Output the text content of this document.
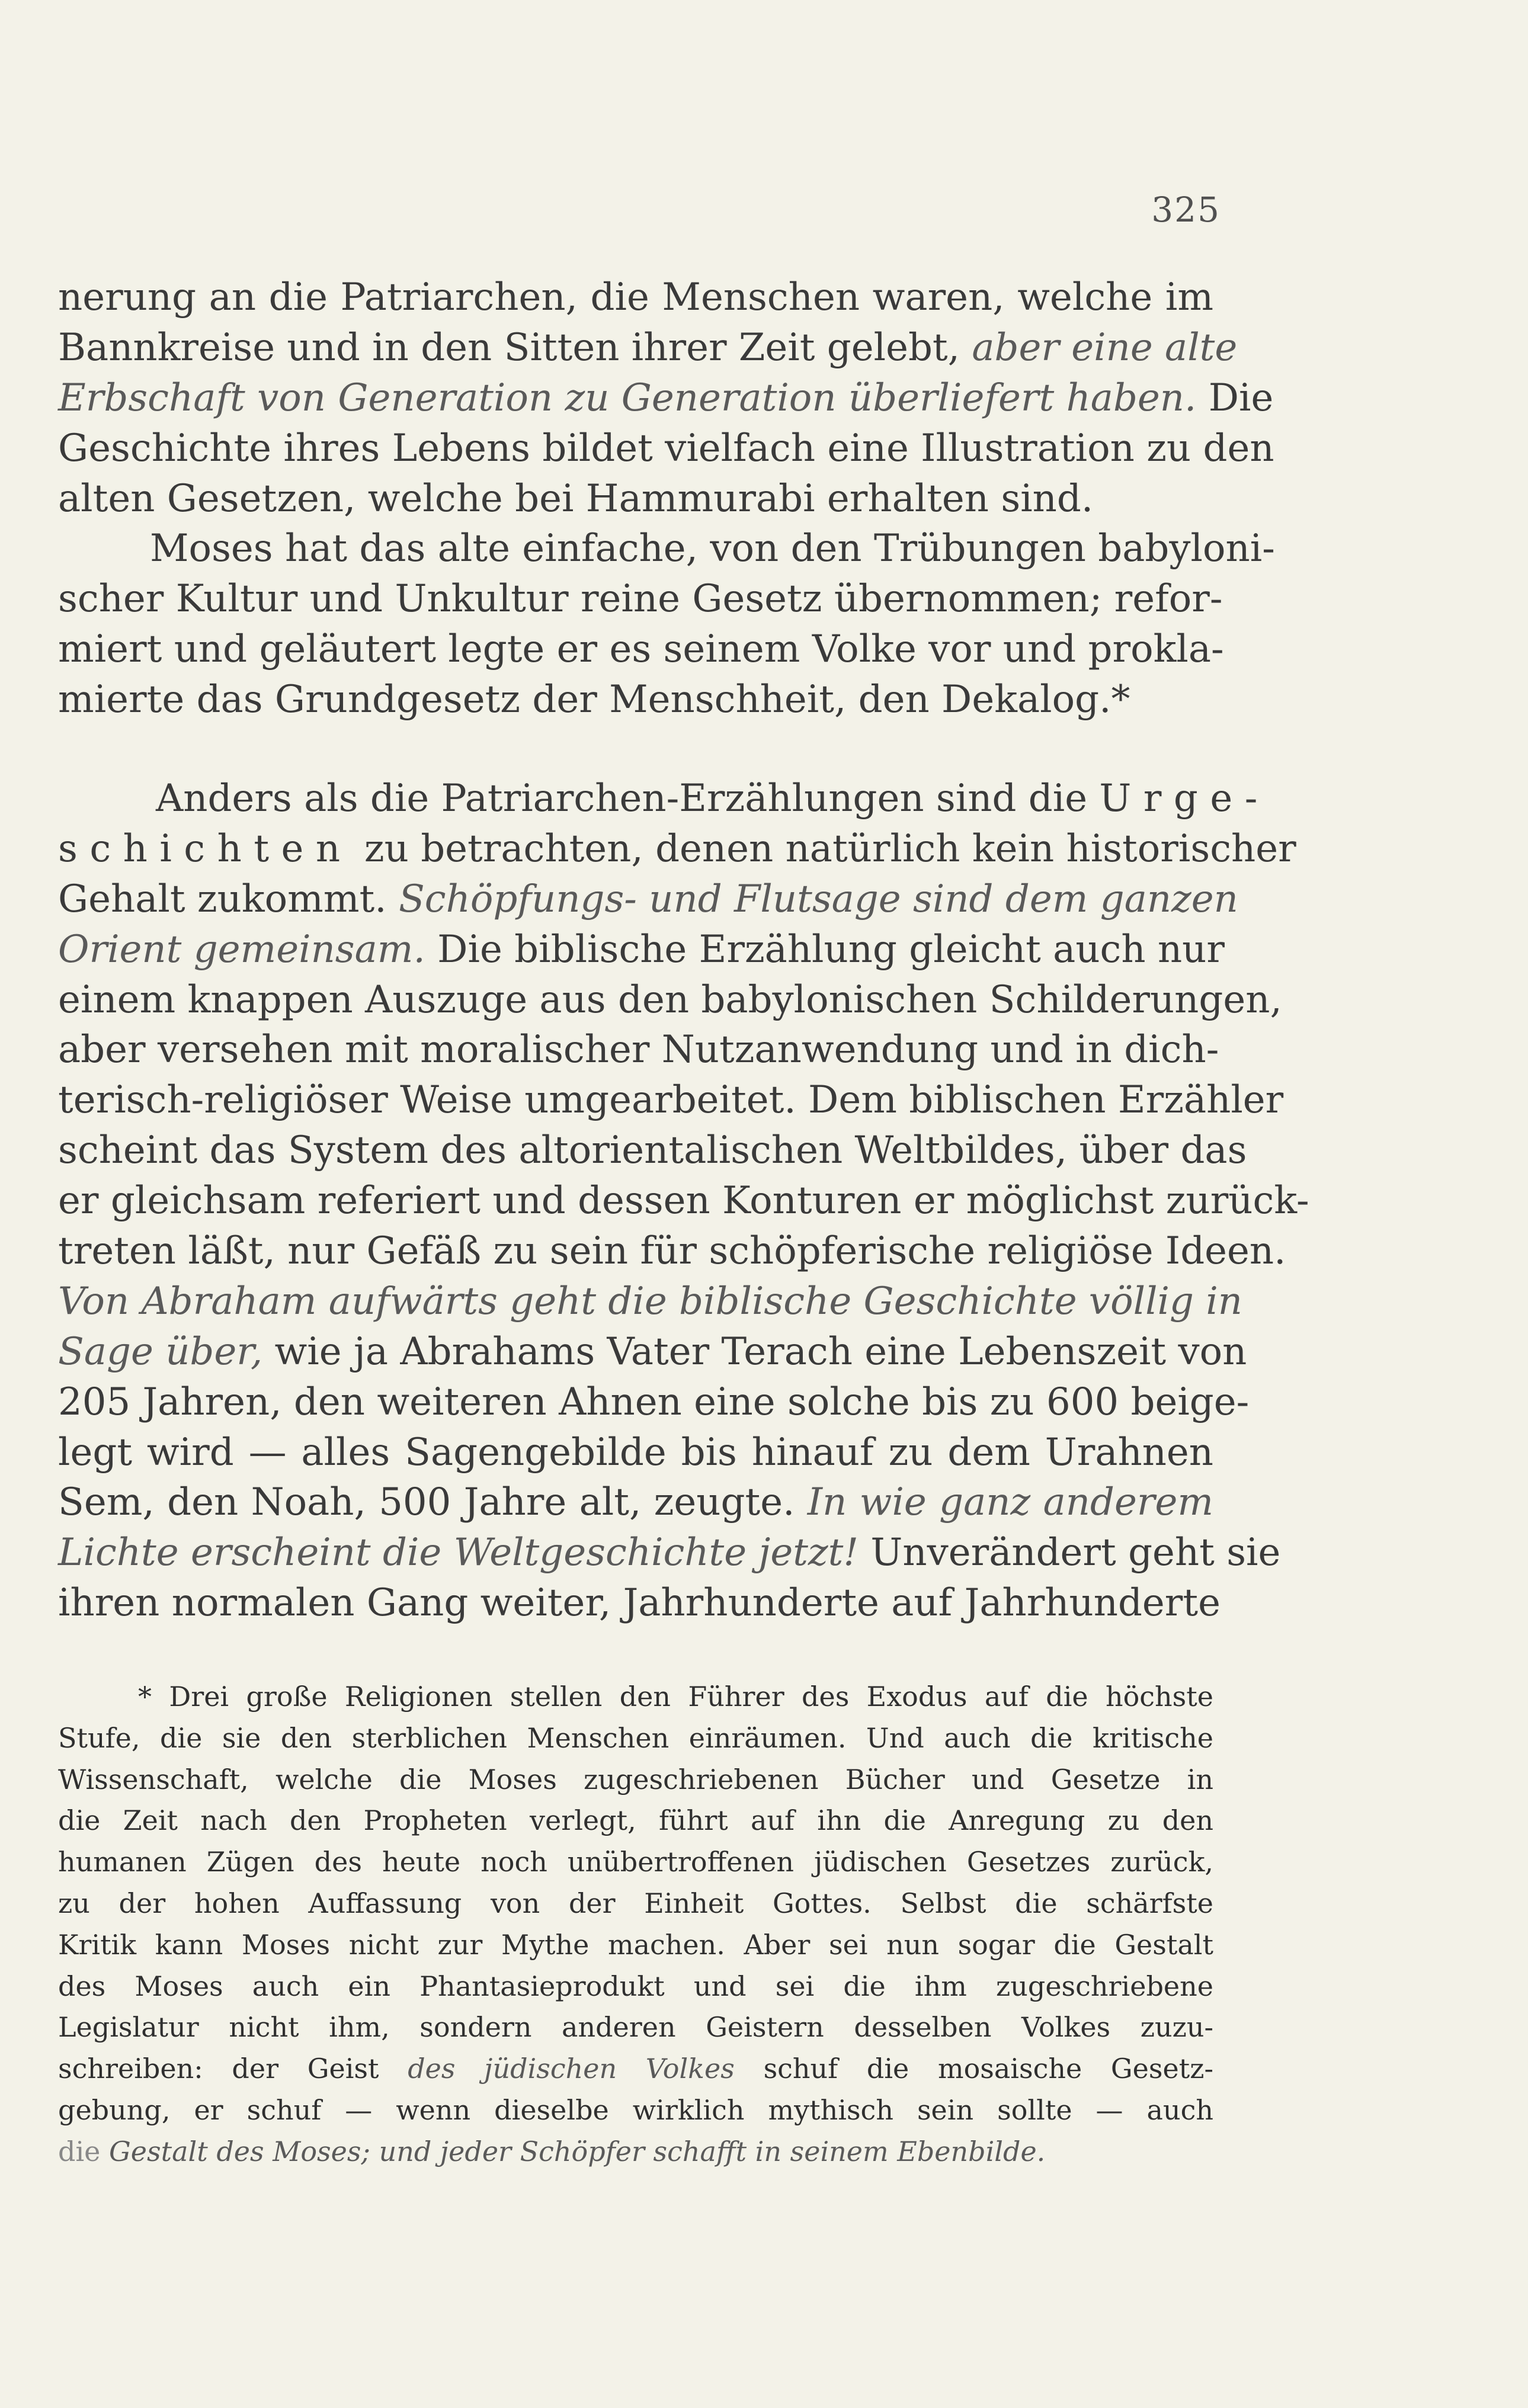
325
nerung an die Patriarchen, die Menschen waren, welche im
Bannkreise und in den Sitten ihrer Zeit gelebt, aber eine alte
Erbschaft von Generation zu Generation überliefert haben. Die
Geschichte ihres Lebens bildet vielfach eine Illustration zu den
alten Gesetzen, welche bei Hammurabi erhalten sind.
Moses hat das alte einfache, von den Trübungen babyloni-
scher Kultur und Unkultur reine Gesetz übernommen; refor-
miert und geläutert legte er es seinem Volke vor und prokla-
mierte das Grundgesetz der Menschheit, den Dekalog.*
Anders als die Patriarchen-Erzählungen sind die Urge-
schichten zu betrachten, denen natürlich kein historischer
Gehalt zukommt. Schöpfungs- und Flutsage sind dem ganzen
Orient gemeinsam. Die biblische Erzählung gleicht auch nur
einem knappen Auszuge aus den babylonischen Schilderungen,
aber versehen mit moralischer Nutzanwendung und in dich-
terisch-religiöser Weise umgearbeitet. Dem biblischen Erzähler
scheint das System des altorientalischen Weltbildes, über das
er gleichsam referiert und dessen Konturen er möglichst zurück-
treten läßt, nur Gefäß zu sein für schöpferische religiöse Ideen.
Von Abraham aufwärts geht die biblische Geschichte völlig in
Sage über, wie ja Abrahams Vater Terach eine Lebenszeit von
205 Jahren, den weiteren Ahnen eine solche bis zu 600 beige-
legt wird — alles Sagengebilde bis hinauf zu dem Urahnen
Sem, den Noah, 500 Jahre alt, zeugte. In wie ganz anderem
Lichte erscheint die Weltgeschichte jetzt! Unverändert geht sie
ihren normalen Gang weiter, Jahrhunderte auf Jahrhunderte
* Drei große Religionen stellen den Führer des Exodus auf die höchste
Stufe, die sie den sterblichen Menschen einräumen. Und auch die kritische
Wissenschaft, welche die Moses zugeschriebenen Bücher und Gesetze in
die Zeit nach den Propheten verlegt, führt auf ihn die Anregung zu den
humanen Zügen des heute noch unübertroffenen jüdischen Gesetzes zurück,
zu der hohen Auffassung von der Einheit Gottes. Selbst die schärfste
Kritik kann Moses nicht zur Mythe machen. Aber sei nun sogar die Gestalt
des Moses auch ein Phantasieprodukt und sei die ihm zugeschriebene
Legislatur nicht ihm, sondern anderen Geistern desselben Volkes zuzu-
schreiben: der Geist des jüdischen Volkes schuf die mosaische Gesetz-
gebung, er schuf — wenn dieselbe wirklich mythisch sein sollte — auch
die Gestalt des Moses; und jeder Schöpfer schafft in seinem Ebenbilde.
